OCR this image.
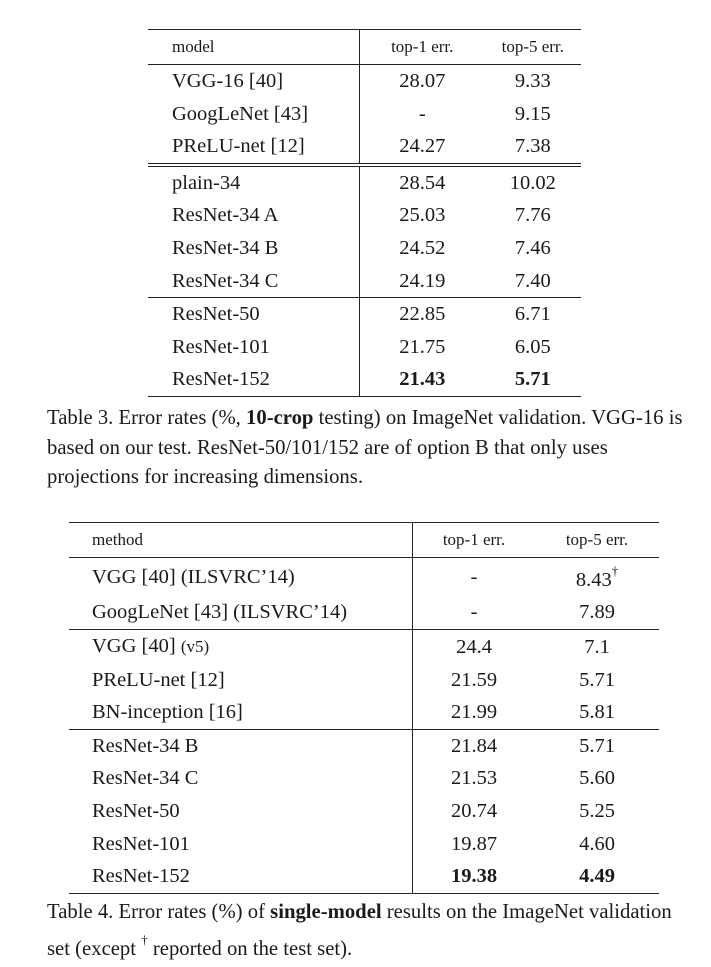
model	top-1 err.	top-5 err.
VGG-16 [40]	28.07	9.33
GoogLeNet [43]	-	9.15
PReLU-net [12]	24.27	7.38
plain-34	28.54	10.02
ResNet-34 A	25.03	7.76
ResNet-34 B	24.52	7.46
ResNet-34 C	24.19	7.40
ResNet-50	22.85	6.71
ResNet-101	21.75	6.05
ResNet-152	21.43	5.71
Table 3. Error rates (%, 10-crop testing) on ImageNet validation. VGG-16 is based on our test. ResNet-50/101/152 are of option B that only uses projections for increasing dimensions.
method	top-1 err.	top-5 err.
VGG [40] (ILSVRC’14)	-	8.43†
GoogLeNet [43] (ILSVRC’14)	-	7.89
VGG [40] (v5)	24.4	7.1
PReLU-net [12]	21.59	5.71
BN-inception [16]	21.99	5.81
ResNet-34 B	21.84	5.71
ResNet-34 C	21.53	5.60
ResNet-50	20.74	5.25
ResNet-101	19.87	4.60
ResNet-152	19.38	4.49
Table 4. Error rates (%) of single-model results on the ImageNet validation set (except † reported on the test set).
